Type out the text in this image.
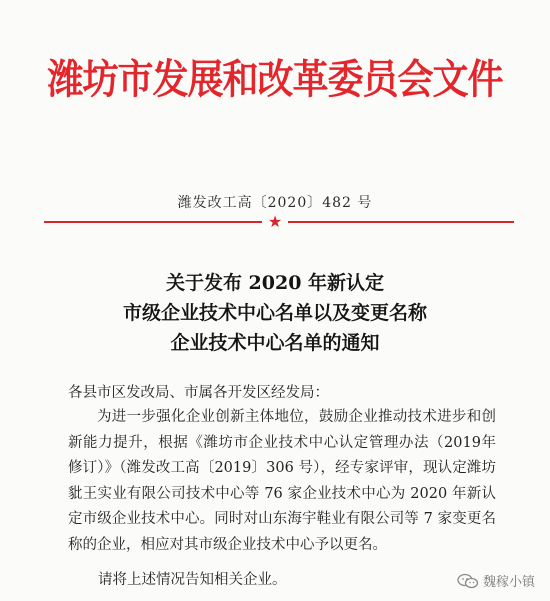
潍坊市发展和改革委员会文件
潍发改工高〔2020〕482 号
★
关于发布 2020 年新认定
市级企业技术中心名单以及变更名称
企业技术中心名单的通知
各县市区发改局、市属各开发区经发局：

为进一步强化企业创新主体地位，鼓励企业推动技术进步和创新能力提升，根据《潍坊市企业技术中心认定管理办法（2019年修订）》（潍发改工高〔2019〕306 号），经专家评审，现认定潍坊豼王实业有限公司技术中心等 76 家企业技术中心为 2020 年新认定市级企业技术中心。同时对山东海宇鞋业有限公司等 7 家变更名称的企业，相应对其市级企业技术中心予以更名。

请将上述情况告知相关企业。	魏稼小镇
